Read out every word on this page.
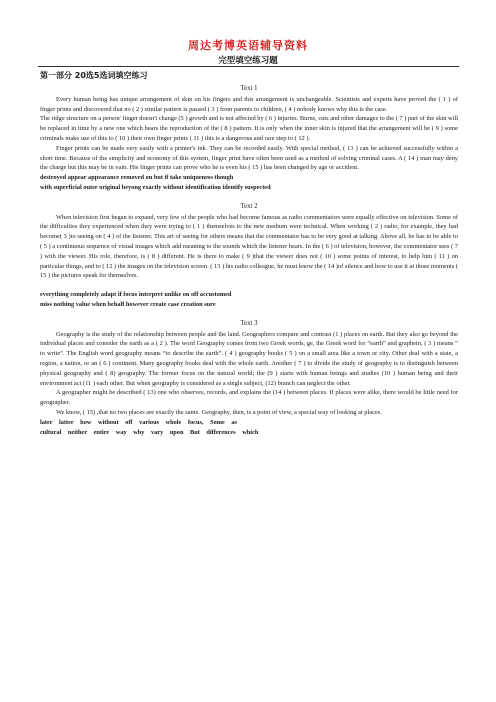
周达考博英语辅导资料
完型填空练习题
第一部分 20选5选词填空练习

Text 1

Every human being has unique arrangement of skin on his fingers and this arrangement is unchangeable. Scientists and experts have proved the ( 1 ) of finger prints and discovered that no ( 2 ) similar pattern is passed ( 3 ) from parents to children, ( 4 ) nobody knows why this is the case.

The ridge structure on a person' finger doesn't change (5 ) growth and is not affected by ( 6 ) injuries. Burns, cuts and other damages to the ( 7 ) part of the skin will be replaced in time by a new one which bears the reproduction of the ( 8 ) pattern. It is only when the inner skin is injured that the arrangement will be ( 9 ) some criminals make use of this to ( 10 ) their own finger prints ( 11 ) this is a dangerous and rare step to ( 12 ).

Finger prints can be made very easily with a printer's ink. They can be recorded easily. With special method, ( 13 ) can be achieved successfully within a short time. Because of the simplicity and economy of this system, finger print have often been used as a method of solving criminal cases. A ( 14 ) man may deny the charge but this may be in vain. His finger prints can prove who he is even his ( 15 ) has been changed by age or accident.

destroyed appear appearance removed on but if take uniqueness though

with superficial outer original beyong exactly without identification identify suspected

Text 2

When television first began to expand, very few of the people who had become famous as radio commentators were equally effective on television. Some of the difficulties they experienced when they were trying to ( 1 ) themselves to the new medium were technical. When working ( 2 ) radio, for example, they had become( 3 )to seeing on ( 4 ) of the listener. This art of seeing for others means that the commentator has to be very good at talking. Above all, he has to be able to ( 5 ) a continuous sequence of visual images which add meaning to the sounds which the listener hears. In the ( 6 ) of television, however, the commentator sees ( 7 ) with the viewer. His role, therefore, is ( 8 ) different. He is there to make ( 9 )that the viewer does not ( 10 ) some points of interest, to help him ( 11 ) on particular things, and to ( 12 ) the images on the television screen. ( 13 ) his radio colleague, he must know the ( 14 )of silence and how to use it at those moments ( 15 ) the pictures speak for themselves.

everything completely adapt if focus interpret unlike on off accustomed

miss nothing value when behalf however create case creation sure

Text 3

Geography is the study of the relationship between people and the land. Geographers compare and contrast (1 ) places on earth. But they also go beyond the individual places and consider the earth as a ( 2 ). The word Geography comes from two Greek words, ge, the Greek word for “earth” and graphein, ( 3 ) means “ to write”. The English word geography means “to describe the earth”. ( 4 ) geography books ( 5 ) on a small area like a town or city. Other deal with a state, a region, a nation, or an ( 6 ) continent. Many geography books deal with the whole earth. Another ( 7 ) to divide the study of geography is to distinguish between physical geography and ( 8) geography. The former focus on the natural world; the (9 ) starts with human beings and studies (10 ) human being and their environment act (11 ) each other. But when geography is considered as a single subject, (12) branch can neglect the other.

A geographer might be described ( 13) one who observes, records, and explains the (14 ) between places. If places were alike, there would be little need for geographer.

We know, ( 15) ,that no two places are exactly the same. Geography, then, is a point of view, a special way of looking at places.

later latter how without off various whole focus, Some as

cultural neither entire way why vary upon But differences which
